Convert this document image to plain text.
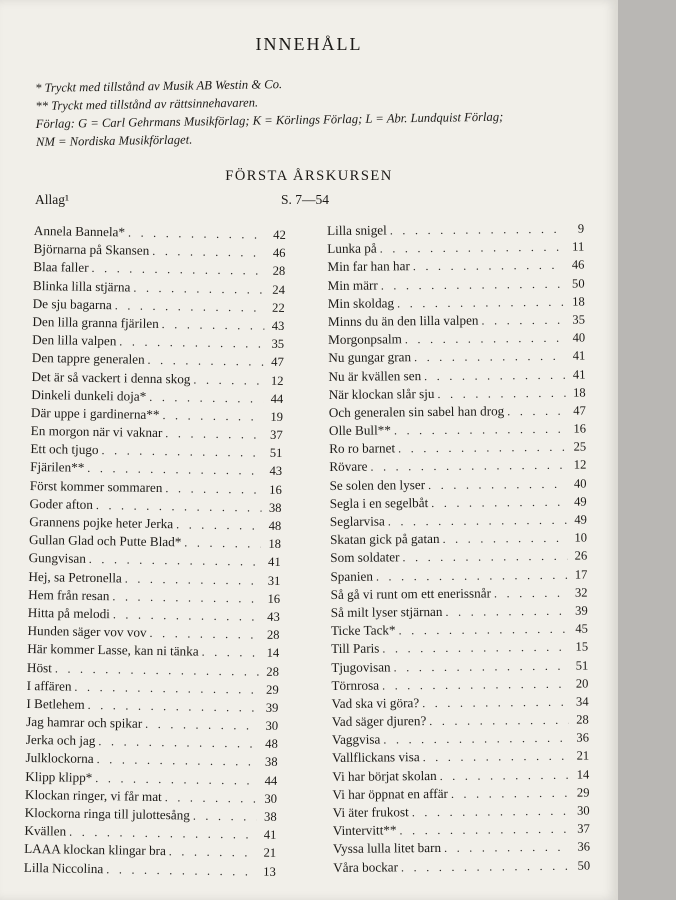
INNEHÅLL
* Tryckt med tillstånd av Musik AB Westin & Co.
** Tryckt med tillstånd av rättsinnehavaren.
Förlag: G = Carl Gehrmans Musikförlag; K = Körlings Förlag; L = Abr. Lundquist Förlag;
NM = Nordiska Musikförlaget.
FÖRSTA ÅRSKURSEN
Allag¹	S. 7—54
Annela Bannela* . . .	42
Björnarna på Skansen . . .	46
Blaa faller . . .	28
Blinka lilla stjärna . . .	24
De sju bagarna . . .	22
Den lilla granna fjärilen . . .	43
Den lilla valpen . . .	35
Den tappre generalen . . .	47
Det är så vackert i denna skog . . .	12
Dinkeli dunkeli doja* . . .	44
Där uppe i gardinerna** . . .	19
En morgon när vi vaknar . . .	37
Ett och tjugo . . .	51
Fjärilen** . . .	43
Först kommer sommaren . . .	16
Goder afton . . .	38
Grannens pojke heter Jerka . . .	48
Gullan Glad och Putte Blad* . . .	18
Gungvisan . . .	41
Hej, sa Petronella . . .	31
Hem från resan . . .	16
Hitta på melodi . . .	43
Hunden säger vov vov . . .	28
Här kommer Lasse, kan ni tänka . . .	14
Höst . . .	28
I affären . . .	29
I Betlehem . . .	39
Jag hamrar och spikar . . .	30
Jerka och jag . . .	48
Julklockorna . . .	38
Klipp klipp* . . .	44
Klockan ringer, vi får mat . . .	30
Klockorna ringa till julottesång . . .	38
Kvällen . . .	41
LAAA klockan klingar bra . . .	21
Lilla Niccolina . . .	13
Lilla snigel . . .	9
Lunka på . . .	11
Min far han har . . .	46
Min märr . . .	50
Min skoldag . . .	18
Minns du än den lilla valpen . . .	35
Morgonpsalm . . .	40
Nu gungar gran . . .	41
Nu är kvällen sen . . .	41
När klockan slår sju . . .	18
Och generalen sin sabel han drog . . .	47
Olle Bull** . . .	16
Ro ro barnet . . .	25
Rövare . . .	12
Se solen den lyser . . .	40
Segla i en segelbåt . . .	49
Seglarvisa . . .	49
Skatan gick på gatan . . .	10
Som soldater . . .	26
Spanien . . .	17
Så gå vi runt om ett enerissnår . . .	32
Så milt lyser stjärnan . . .	39
Ticke Tack* . . .	45
Till Paris . . .	15
Tjugovisan . . .	51
Törnrosa . . .	20
Vad ska vi göra? . . .	34
Vad säger djuren? . . .	28
Vaggvisa . . .	36
Vallflickans visa . . .	21
Vi har börjat skolan . . .	14
Vi har öppnat en affär . . .	29
Vi äter frukost . . .	30
Vintervitt** . . .	37
Vyssa lulla litet barn . . .	36
Våra bockar . . .	50
